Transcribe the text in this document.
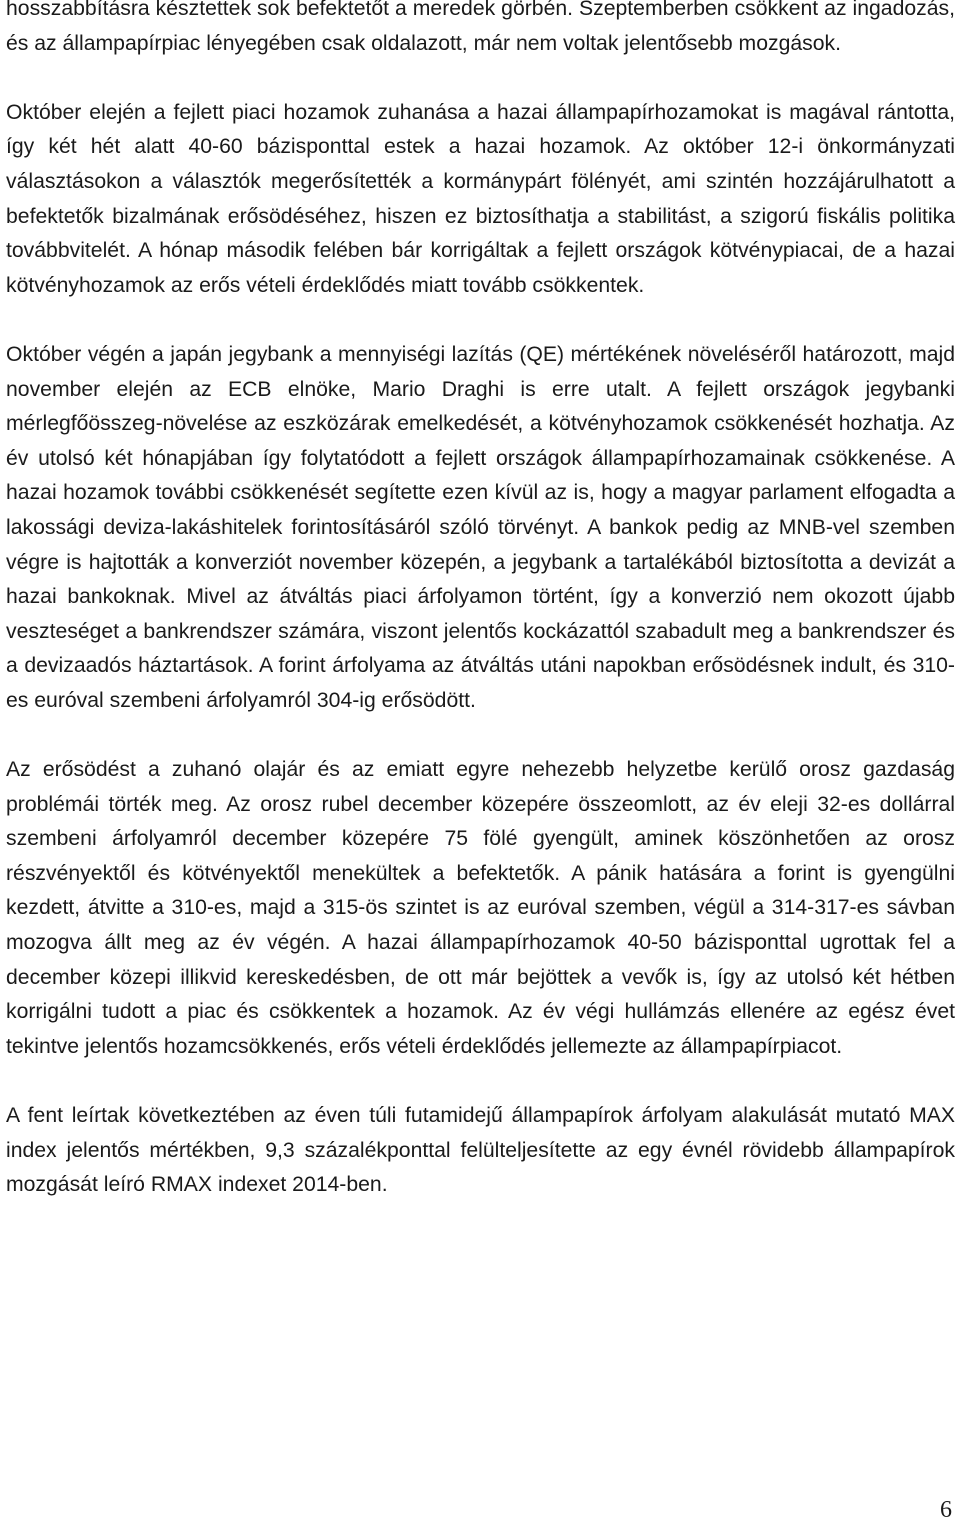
hosszabbításra késztettek sok befektetőt a meredek görbén. Szeptemberben csökkent az ingadozás, és az állampapírpiac lényegében csak oldalazott, már nem voltak jelentősebb mozgások.

Október elején a fejlett piaci hozamok zuhanása a hazai állampapírhozamokat is magával rántotta, így két hét alatt 40-60 bázisponttal estek a hazai hozamok. Az október 12-i önkormányzati választásokon a választók megerősítették a kormánypárt fölényét, ami szintén hozzájárulhatott a befektetők bizalmának erősödéséhez, hiszen ez biztosíthatja a stabilitást, a szigorú fiskális politika továbbvitelét. A hónap második felében bár korrigáltak a fejlett országok kötvénypiacai, de a hazai kötvényhozamok az erős vételi érdeklődés miatt tovább csökkentek.

Október végén a japán jegybank a mennyiségi lazítás (QE) mértékének növeléséről határozott, majd november elején az ECB elnöke, Mario Draghi is erre utalt. A fejlett országok jegybanki mérlegfőösszeg-növelése az eszközárak emelkedését, a kötvényhozamok csökkenését hozhatja. Az év utolsó két hónapjában így folytatódott a fejlett országok állampapírhozamainak csökkenése. A hazai hozamok további csökkenését segítette ezen kívül az is, hogy a magyar parlament elfogadta a lakossági deviza-lakáshitelek forintosításáról szóló törvényt. A bankok pedig az MNB-vel szemben végre is hajtották a konverziót november közepén, a jegybank a tartalékából biztosította a devizát a hazai bankoknak. Mivel az átváltás piaci árfolyamon történt, így a konverzió nem okozott újabb veszteséget a bankrendszer számára, viszont jelentős kockázattól szabadult meg a bankrendszer és a devizaadós háztartások. A forint árfolyama az átváltás utáni napokban erősödésnek indult, és 310-es euróval szembeni árfolyamról 304-ig erősödött.

Az erősödést a zuhanó olajár és az emiatt egyre nehezebb helyzetbe kerülő orosz gazdaság problémái törték meg. Az orosz rubel december közepére összeomlott, az év eleji 32-es dollárral szembeni árfolyamról december közepére 75 fölé gyengült, aminek köszönhetően az orosz részvényektől és kötvényektől menekültek a befektetők. A pánik hatására a forint is gyengülni kezdett, átvitte a 310-es, majd a 315-ös szintet is az euróval szemben, végül a 314-317-es sávban mozogva állt meg az év végén. A hazai állampapírhozamok 40-50 bázisponttal ugrottak fel a december közepi illikvid kereskedésben, de ott már bejöttek a vevők is, így az utolsó két hétben korrigálni tudott a piac és csökkentek a hozamok. Az év végi hullámzás ellenére az egész évet tekintve jelentős hozamcsökkenés, erős vételi érdeklődés jellemezte az állampapírpiacot.

A fent leírtak következtében az éven túli futamidejű állampapírok árfolyam alakulását mutató MAX index jelentős mértékben, 9,3 százalékponttal felülteljesítette az egy évnél rövidebb állampapírok mozgását leíró RMAX indexet 2014-ben.

6
